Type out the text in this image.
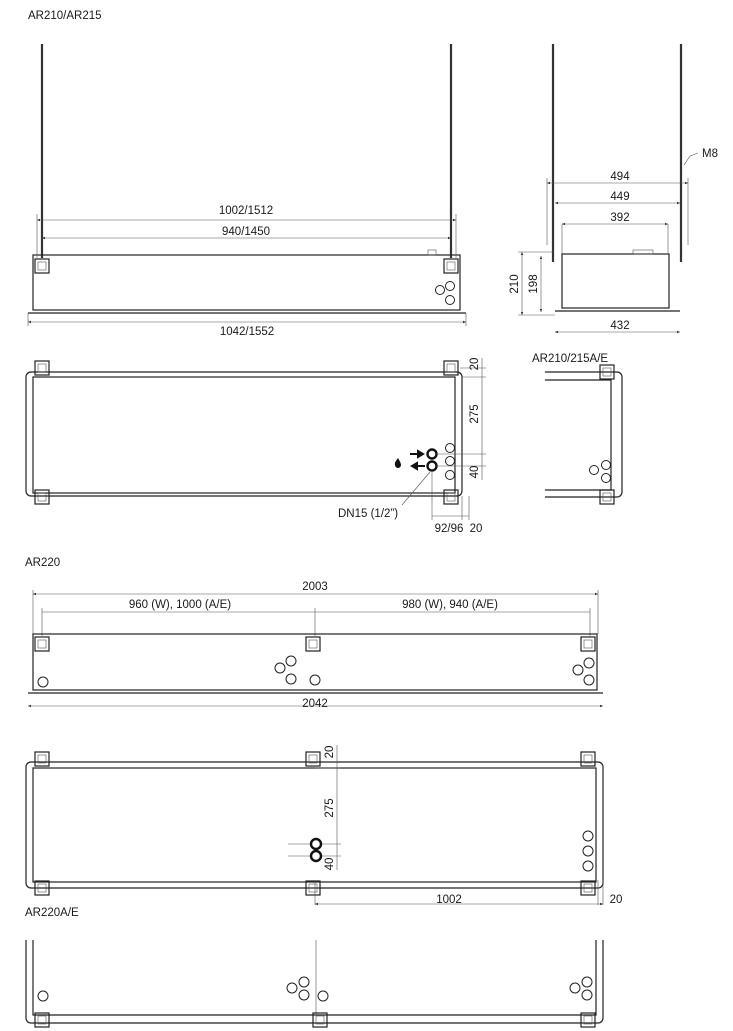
AR210/AR215
1002/1512
940/1450
1042/1552
M8
494
449
392
432
210 198
20
275
40
DN15 (1/2”)
92/96 20
AR210/215A/E
AR220
2003
960 (W), 1000 (A/E)	980 (W), 940 (A/E)
2042
20
275
40
1002	20
AR220A/E
